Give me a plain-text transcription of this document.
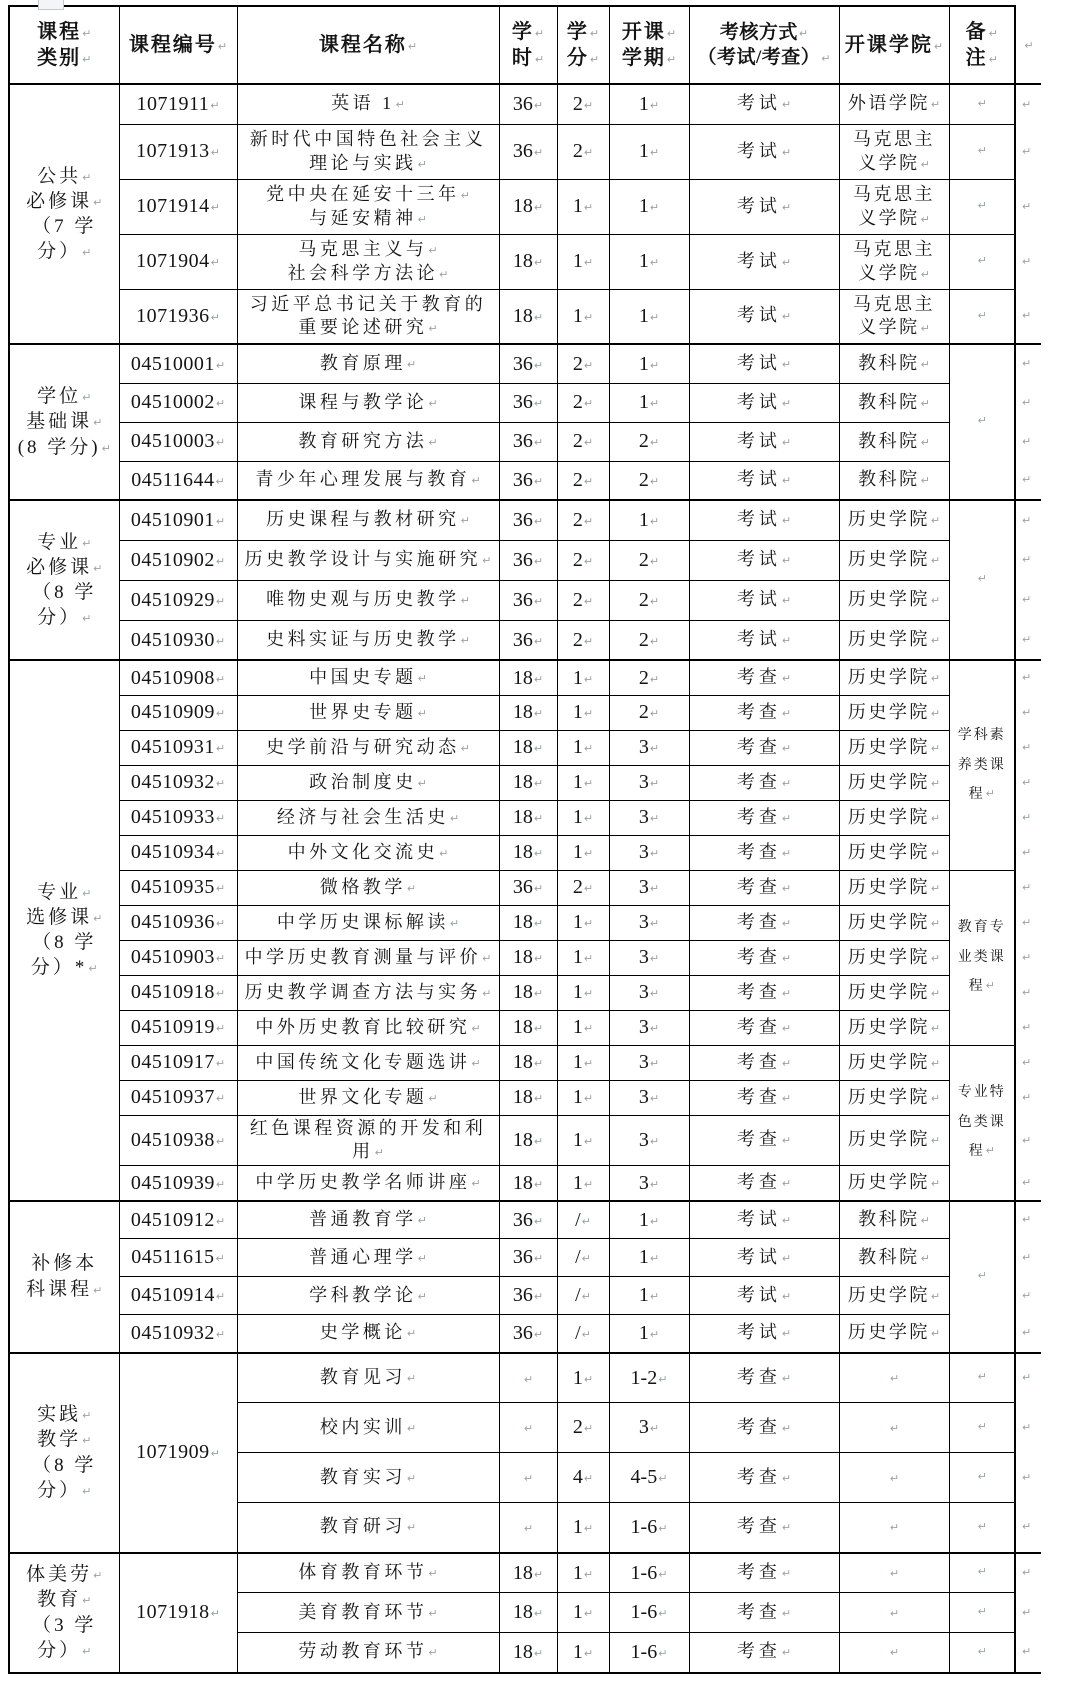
课程↵
类别↵	课程编号↵	课程名称↵	学↵
时↵	学↵
分↵	开课↵
学期↵	考核方式↵
（考试/考查）↵	开课学院↵	备↵
注↵	↵
公共↵
必修课↵
（7 学
分）↵	1071911↵	英语 1↵	36↵	2↵	1↵	考试↵	外语学院↵	↵	↵
	1071913↵	新时代中国特色社会主义
理论与实践↵	36↵	2↵	1↵	考试↵	马克思主
义学院↵	↵	↵
	1071914↵	党中央在延安十三年↵
与延安精神↵	18↵	1↵	1↵	考试↵	马克思主
义学院↵	↵	↵
	1071904↵	马克思主义与↵
社会科学方法论↵	18↵	1↵	1↵	考试↵	马克思主
义学院↵	↵	↵
	1071936↵	习近平总书记关于教育的
重要论述研究↵	18↵	1↵	1↵	考试↵	马克思主
义学院↵	↵	↵
学位↵
基础课↵
(8 学分)↵	04510001↵	教育原理↵	36↵	2↵	1↵	考试↵	教科院↵	↵	↵
	04510002↵	课程与教学论↵	36↵	2↵	1↵	考试↵	教科院↵		↵
	04510003↵	教育研究方法↵	36↵	2↵	2↵	考试↵	教科院↵		↵
	04511644↵	青少年心理发展与教育↵	36↵	2↵	2↵	考试↵	教科院↵		↵
专业↵
必修课↵
（8 学
分）↵	04510901↵	历史课程与教材研究↵	36↵	2↵	1↵	考试↵	历史学院↵	↵	↵
	04510902↵	历史教学设计与实施研究↵	36↵	2↵	2↵	考试↵	历史学院↵		↵
	04510929↵	唯物史观与历史教学↵	36↵	2↵	2↵	考试↵	历史学院↵		↵
	04510930↵	史料实证与历史教学↵	36↵	2↵	2↵	考试↵	历史学院↵		↵
专业↵
选修课↵
（8 学
分）*↵	04510908↵	中国史专题↵	18↵	1↵	2↵	考查↵	历史学院↵	学科素
养类课
程↵	↵
	04510909↵	世界史专题↵	18↵	1↵	2↵	考查↵	历史学院↵		↵
	04510931↵	史学前沿与研究动态↵	18↵	1↵	3↵	考查↵	历史学院↵		↵
	04510932↵	政治制度史↵	18↵	1↵	3↵	考查↵	历史学院↵		↵
	04510933↵	经济与社会生活史↵	18↵	1↵	3↵	考查↵	历史学院↵		↵
	04510934↵	中外文化交流史↵	18↵	1↵	3↵	考查↵	历史学院↵		↵
	04510935↵	微格教学↵	36↵	2↵	3↵	考查↵	历史学院↵	教育专
业类课
程↵	↵
	04510936↵	中学历史课标解读↵	18↵	1↵	3↵	考查↵	历史学院↵		↵
	04510903↵	中学历史教育测量与评价↵	18↵	1↵	3↵	考查↵	历史学院↵		↵
	04510918↵	历史教学调查方法与实务↵	18↵	1↵	3↵	考查↵	历史学院↵		↵
	04510919↵	中外历史教育比较研究↵	18↵	1↵	3↵	考查↵	历史学院↵		↵
	04510917↵	中国传统文化专题选讲↵	18↵	1↵	3↵	考查↵	历史学院↵	专业特
色类课
程↵	↵
	04510937↵	世界文化专题↵	18↵	1↵	3↵	考查↵	历史学院↵		↵
	04510938↵	红色课程资源的开发和利
用↵	18↵	1↵	3↵	考查↵	历史学院↵		↵
	04510939↵	中学历史教学名师讲座↵	18↵	1↵	3↵	考查↵	历史学院↵		↵
补修本
科课程↵	04510912↵	普通教育学↵	36↵	/↵	1↵	考试↵	教科院↵	↵	↵
	04511615↵	普通心理学↵	36↵	/↵	1↵	考试↵	教科院↵		↵
	04510914↵	学科教学论↵	36↵	/↵	1↵	考试↵	历史学院↵		↵
	04510932↵	史学概论↵	36↵	/↵	1↵	考试↵	历史学院↵		↵
实践↵
教学↵
（8 学
分）↵	1071909↵	教育见习↵	↵	1↵	1-2↵	考查↵	↵	↵	↵
		校内实训↵	↵	2↵	3↵	考查↵	↵	↵	↵
		教育实习↵	↵	4↵	4-5↵	考查↵	↵	↵	↵
		教育研习↵	↵	1↵	1-6↵	考查↵	↵	↵	↵
体美劳↵
教育↵
（3 学
分）↵	1071918↵	体育教育环节↵	18↵	1↵	1-6↵	考查↵	↵	↵	↵
		美育教育环节↵	18↵	1↵	1-6↵	考查↵	↵	↵	↵
		劳动教育环节↵	18↵	1↵	1-6↵	考查↵	↵	↵	↵
